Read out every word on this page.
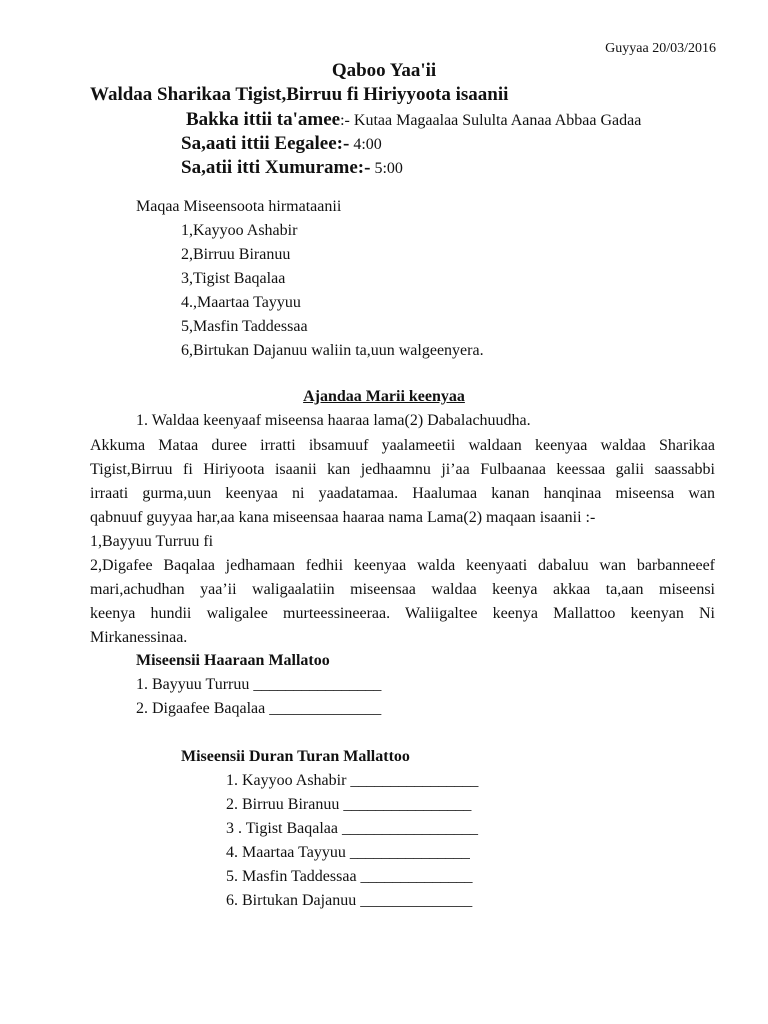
Guyyaa 20/03/2016
Qaboo Yaa'ii
Waldaa Sharikaa Tigist,Birruu fi Hiriyyoota isaanii
Bakka ittii ta'amee:- Kutaa Magaalaa Sululta Aanaa Abbaa Gadaa
Sa,aati ittii Eegalee:- 4:00
Sa,atii itti Xumurame:- 5:00
Maqaa Miseensoota hirmataanii
1,Kayyoo Ashabir
2,Birruu Biranuu
3,Tigist Baqalaa
4.,Maartaa Tayyuu
5,Masfin Taddessaa
6,Birtukan Dajanuu waliin ta,uun walgeenyera.
Ajandaa Marii keenyaa
1. Waldaa keenyaaf miseensa haaraa lama(2) Dabalachuudha.
Akkuma Mataa duree irratti ibsamuuf yaalameetii waldaan keenyaa waldaa Sharikaa
Tigist,Birruu fi Hiriyoota isaanii kan jedhaamnu ji’aa Fulbaanaa keessaa galii saassabbi
irraati gurma,uun keenyaa ni yaadatamaa. Haalumaa kanan hanqinaa miseensa wan
qabnuuf guyyaa har,aa kana miseensaa haaraa nama Lama(2) maqaan isaanii :-
1,Bayyuu Turruu fi
2,Digafee Baqalaa jedhamaan fedhii keenyaa walda keenyaati dabaluu wan barbanneeef
mari,achudhan yaa’ii waligaalatiin miseensaa waldaa keenya akkaa ta,aan miseensi
keenya hundii waligalee murteessineeraa. Waliigaltee keenya Mallattoo keenyan Ni
Mirkanessinaa.
Miseensii Haaraan Mallatoo
1. Bayyuu Turruu ________________
2. Digaafee Baqalaa ______________
Miseensii Duran Turan Mallattoo
1. Kayyoo Ashabir ________________
2. Birruu Biranuu ________________
3 . Tigist Baqalaa _________________
4. Maartaa Tayyuu _______________
5. Masfin Taddessaa ______________
6. Birtukan Dajanuu ______________
